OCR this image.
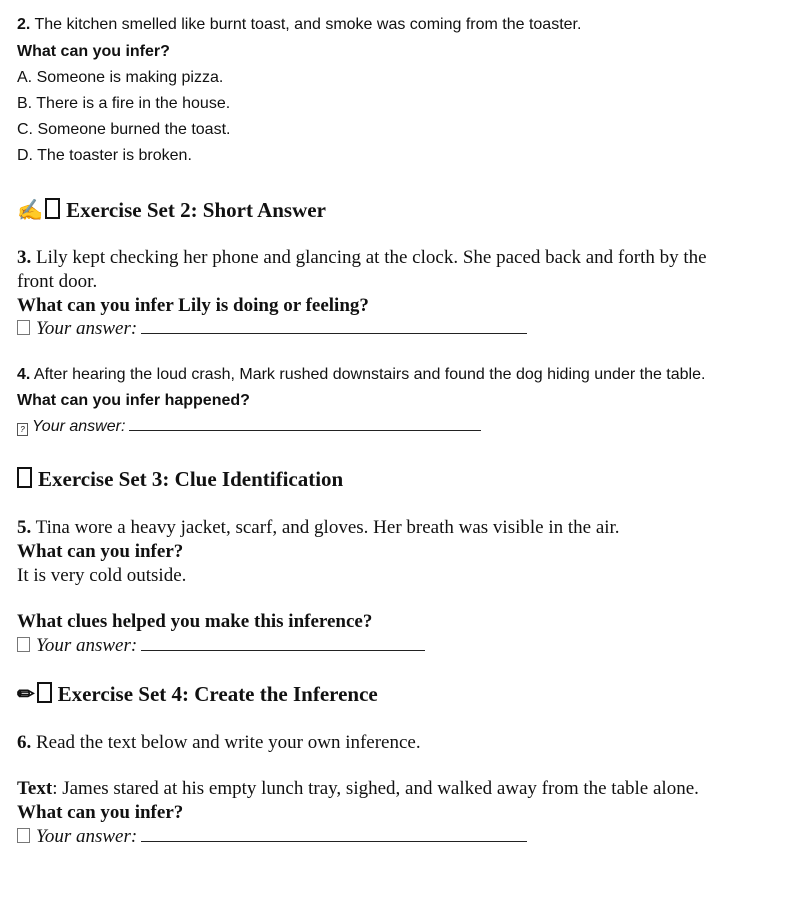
2. The kitchen smelled like burnt toast, and smoke was coming from the toaster.
What can you infer?
A. Someone is making pizza.
B. There is a fire in the house.
C. Someone burned the toast.
D. The toaster is broken.
✍ Exercise Set 2: Short Answer
3. Lily kept checking her phone and glancing at the clock. She paced back and forth by the
front door.
What can you infer Lily is doing or feeling?
Your answer:
4. After hearing the loud crash, Mark rushed downstairs and found the dog hiding under the table.
What can you infer happened?
? Your answer:
Exercise Set 3: Clue Identification
5. Tina wore a heavy jacket, scarf, and gloves. Her breath was visible in the air.
What can you infer?
It is very cold outside.
What clues helped you make this inference?
Your answer:
✏ Exercise Set 4: Create the Inference
6. Read the text below and write your own inference.
Text: James stared at his empty lunch tray, sighed, and walked away from the table alone.
What can you infer?
Your answer:
